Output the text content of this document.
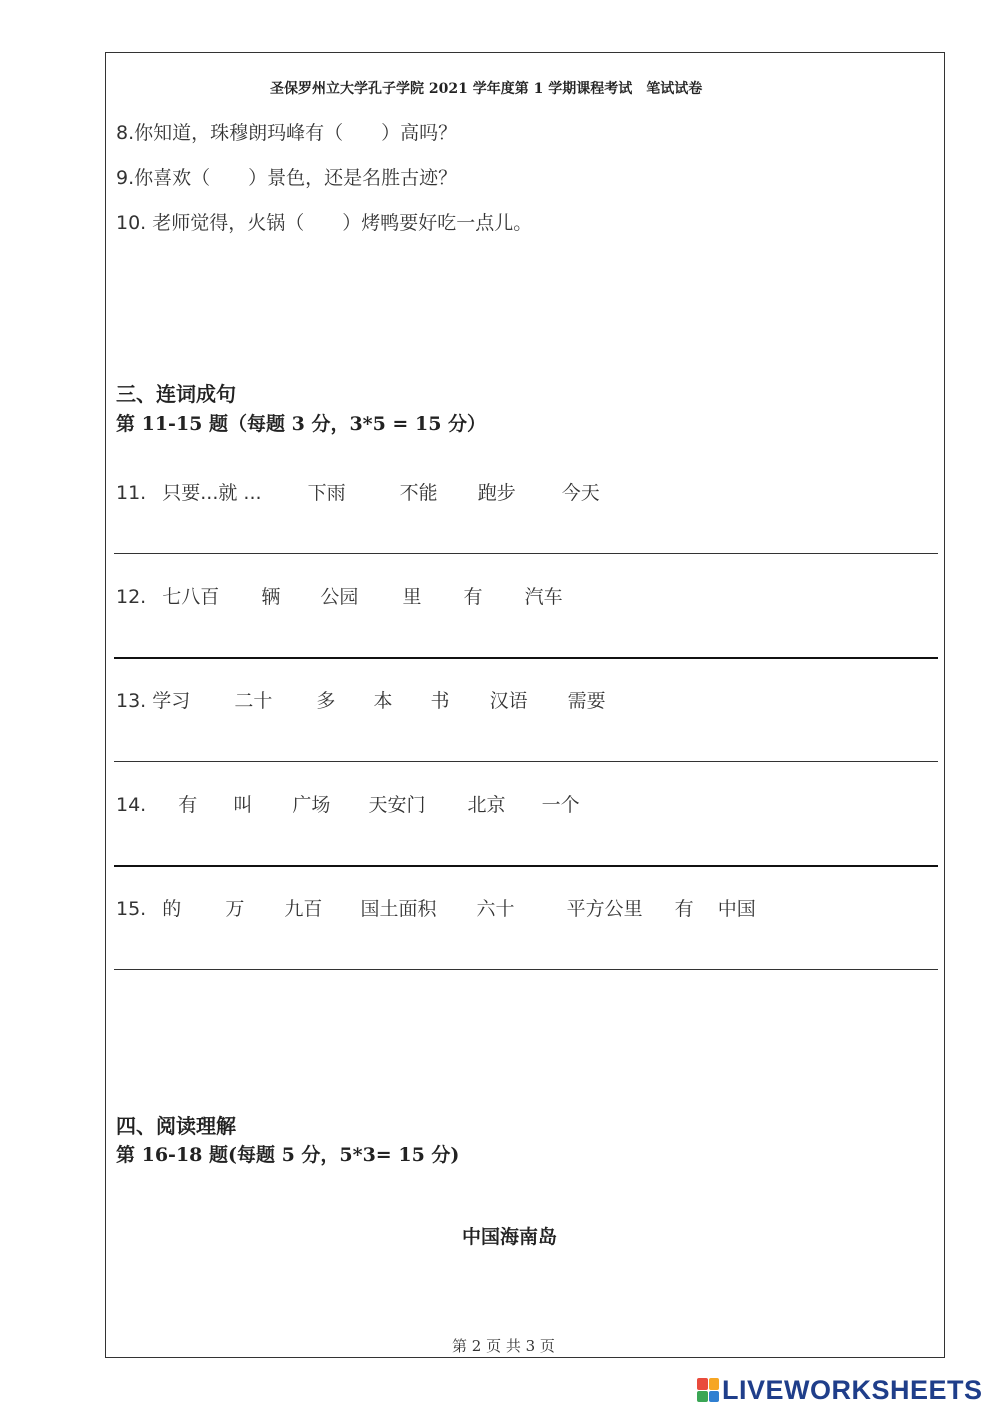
圣保罗州立大学孔子学院 2021 学年度第 1 学期课程考试　笔试试卷
8.你知道，珠穆朗玛峰有（　　）高吗？
9.你喜欢（　　）景色，还是名胜古迹？
10. 老师觉得，火锅（　　）烤鸭要好吃一点儿。
三、连词成句
第 11-15 题（每题 3 分，3*5 = 15 分）
11. 只要...就 ... 下雨	不能 跑步 今天
12. 七八百 辆 公园 里 有 汽车
13. 学习 二十 多 本 书 汉语 需要
14. 有 叫 广场 天安门 北京 一个
15. 的 万 九百 国土面积 六十	平方公里 有 中国
四、阅读理解
第 16-18 题(每题 5 分，5*3= 15 分)
中国海南岛
第 2 页 共 3 页
LIVEWORKSHEETS
